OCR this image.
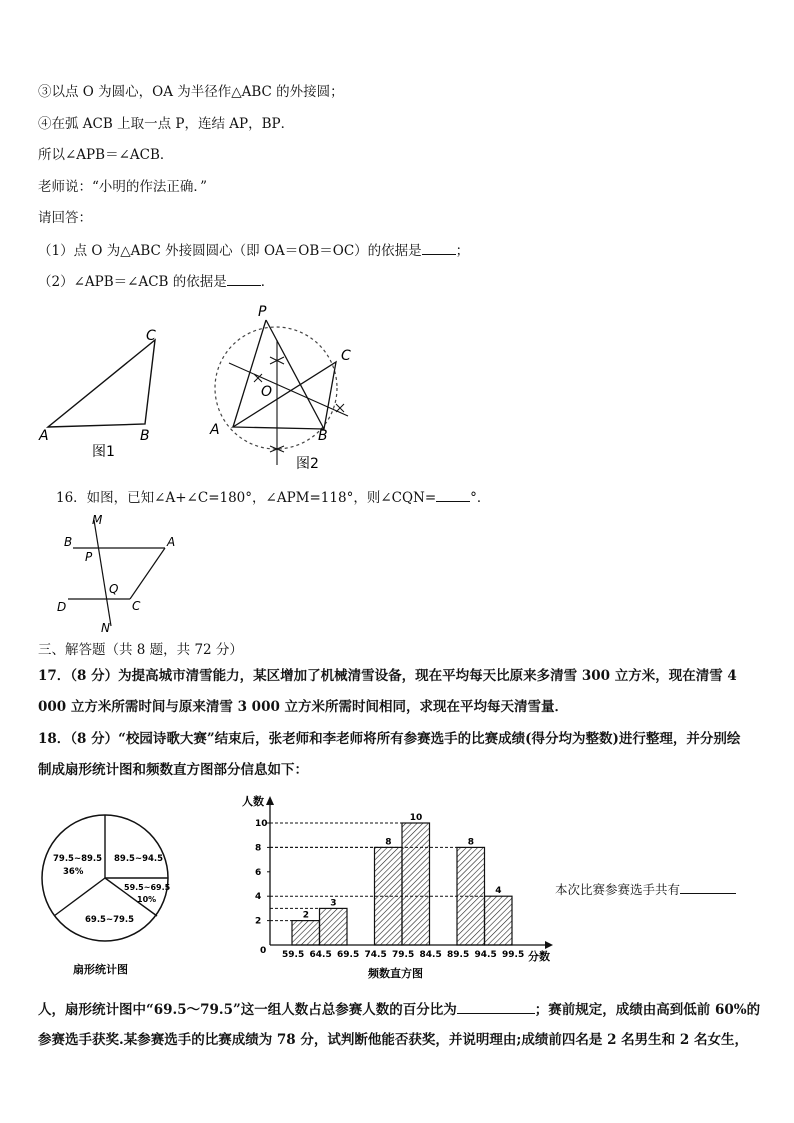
③以点 O 为圆心，OA 为半径作△ABC 的外接圆；
④在弧 ACB 上取一点 P，连结 AP，BP．
所以∠APB＝∠ACB．
老师说：“小明的作法正确．”
请回答：
（1）点 O 为△ABC 外接圆圆心（即 OA＝OB＝OC）的依据是	；
（2）∠APB＝∠ACB 的依据是	．
A	B
C
图1
P
C
O
A	B
图2
16．如图，已知∠A+∠C=180°，∠APM=118°，则∠CQN=	°．
M
B
P
A
Q
D	C
N
三、解答题（共 8 题，共 72 分）
17．（8 分）为提高城市清雪能力，某区增加了机械清雪设备，现在平均每天比原来多清雪 300 立方米，现在清雪 4
000 立方米所需时间与原来清雪 3 000 立方米所需时间相同，求现在平均每天清雪量．
18．（8 分）“校园诗歌大赛”结束后，张老师和李老师将所有参赛选手的比赛成绩(得分均为整数)进行整理，并分别绘
制成扇形统计图和频数直方图部分信息如下：
79.5~89.5
36%
89.5~94.5
59.5~69.5
10%
69.5~79.5
扇形统计图
2
4
6
8
10
59.5 64.5 69.5 74.5 79.5 84.5 89.5 94.5 99.5
2
3
8
10
8
4
人数
分数
0
频数直方图
本次比赛参赛选手共有
人，扇形统计图中“69.5～79.5”这一组人数占总参赛人数的百分比为	；赛前规定，成绩由高到低前 60%的
参赛选手获奖.某参赛选手的比赛成绩为 78 分，试判断他能否获奖，并说明理由;成绩前四名是 2 名男生和 2 名女生，
